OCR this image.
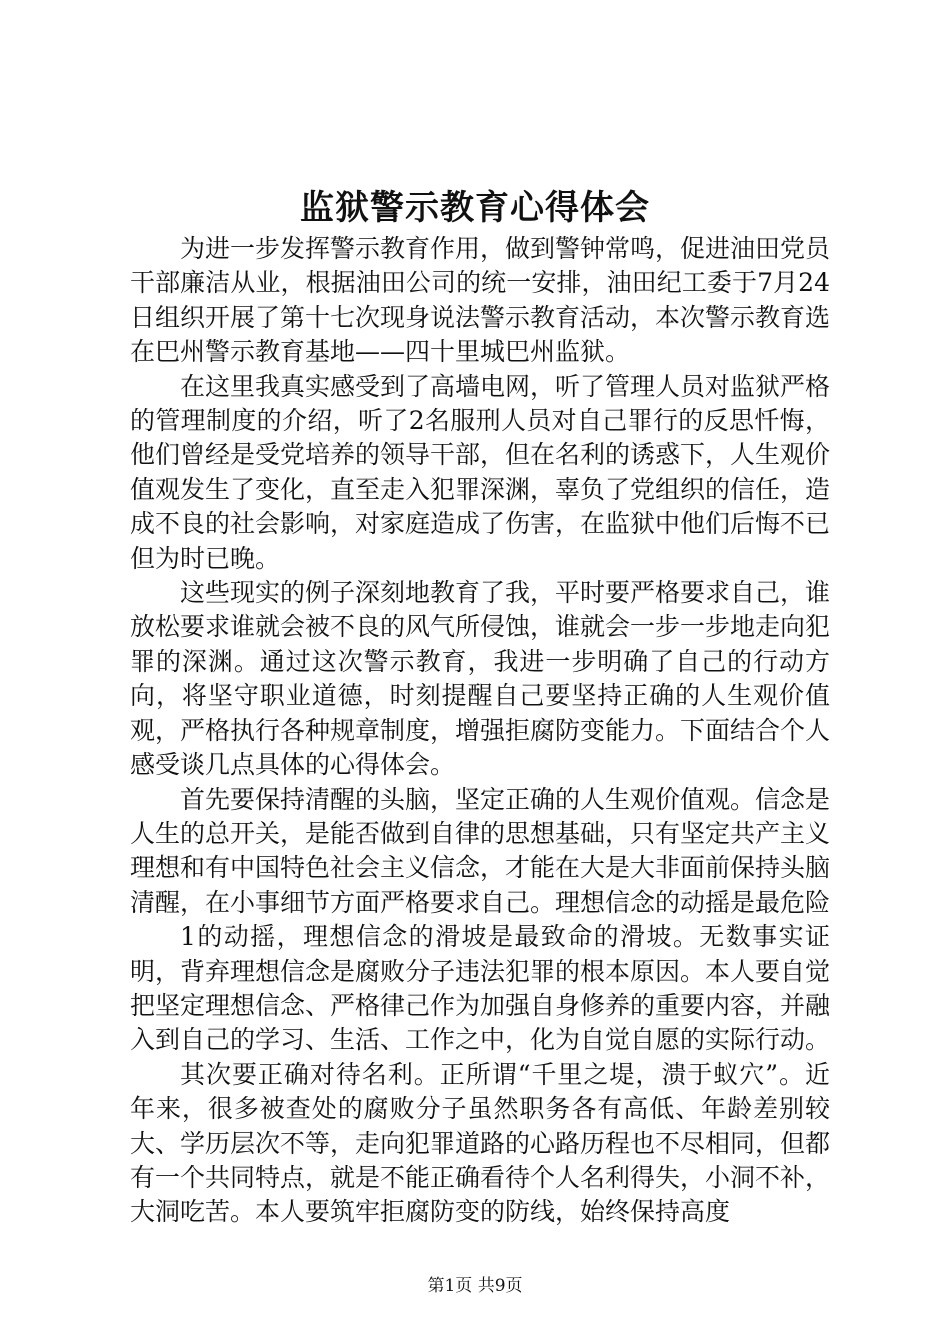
监狱警示教育心得体会

为进一步发挥警示教育作用，做到警钟常鸣，促进油田党员干部廉洁从业，根据油田公司的统一安排，油田纪工委于7月24日组织开展了第十七次现身说法警示教育活动，本次警示教育选在巴州警示教育基地——四十里城巴州监狱。

在这里我真实感受到了高墙电网，听了管理人员对监狱严格的管理制度的介绍，听了2名服刑人员对自己罪行的反思忏悔，他们曾经是受党培养的领导干部，但在名利的诱惑下，人生观价值观发生了变化，直至走入犯罪深渊，辜负了党组织的信任，造成不良的社会影响，对家庭造成了伤害，在监狱中他们后悔不已但为时已晚。

这些现实的例子深刻地教育了我，平时要严格要求自己，谁放松要求谁就会被不良的风气所侵蚀，谁就会一步一步地走向犯罪的深渊。通过这次警示教育，我进一步明确了自己的行动方向，将坚守职业道德，时刻提醒自己要坚持正确的人生观价值观，严格执行各种规章制度，增强拒腐防变能力。下面结合个人感受谈几点具体的心得体会。

首先要保持清醒的头脑，坚定正确的人生观价值观。信念是人生的总开关，是能否做到自律的思想基础，只有坚定共产主义理想和有中国特色社会主义信念，才能在大是大非面前保持头脑清醒，在小事细节方面严格要求自己。理想信念的动摇是最危险

1的动摇，理想信念的滑坡是最致命的滑坡。无数事实证明，背弃理想信念是腐败分子违法犯罪的根本原因。本人要自觉把坚定理想信念、严格律己作为加强自身修养的重要内容，并融入到自己的学习、生活、工作之中，化为自觉自愿的实际行动。

其次要正确对待名利。正所谓“千里之堤，溃于蚁穴”。近年来，很多被查处的腐败分子虽然职务各有高低、年龄差别较大、学历层次不等，走向犯罪道路的心路历程也不尽相同，但都有一个共同特点，就是不能正确看待个人名利得失，小洞不补，大洞吃苦。本人要筑牢拒腐防变的防线，始终保持高度

第1页 共9页
